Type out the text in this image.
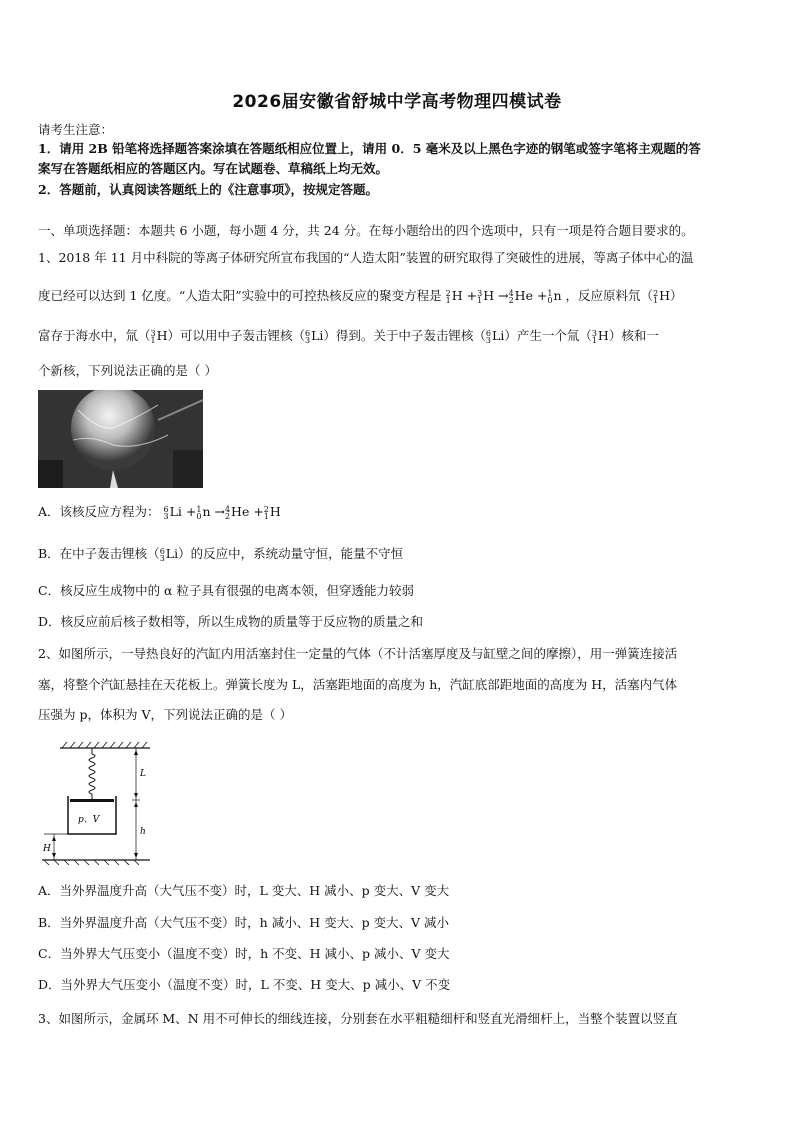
2026届安徽省舒城中学高考物理四模试卷
请考生注意：
1．请用 2B 铅笔将选择题答案涂填在答题纸相应位置上，请用 0．5 毫米及以上黑色字迹的钢笔或签字笔将主观题的答
案写在答题纸相应的答题区内。写在试题卷、草稿纸上均无效。
2．答题前，认真阅读答题纸上的《注意事项》，按规定答题。
一、单项选择题：本题共 6 小题，每小题 4 分，共 24 分。在每小题给出的四个选项中，只有一项是符合题目要求的。
1、2018 年 11 月中科院的等离子体研究所宣布我国的“人造太阳”装置的研究取得了突破性的进展，等离子体中心的温
度已经可以达到 1 亿度。“人造太阳”实验中的可控热核反应的聚变方程是 2
1 H + 3
1 H → 4
2 He + 1
0 n ，反应原料氘（ 2
1 H）
富存于海水中，氚（ 3
1 H）可以用中子轰击锂核（ 6
3 Li）得到。关于中子轰击锂核（ 6
3 Li）产生一个氚（ 3
1 H）核和一
个新核，下列说法正确的是（ ）
A．该核反应方程为： 6
3 Li + 1
0 n → 4
2 He + 2
1 H
B．在中子轰击锂核（ 6
3 Li）的反应中，系统动量守恒，能量不守恒
C．核反应生成物中的 α 粒子具有很强的电离本领，但穿透能力较弱
D．核反应前后核子数相等，所以生成物的质量等于反应物的质量之和
2、如图所示，一导热良好的汽缸内用活塞封住一定量的气体（不计活塞厚度及与缸壁之间的摩擦），用一弹簧连接活
塞，将整个汽缸悬挂在天花板上。弹簧长度为 L，活塞距地面的高度为 h，汽缸底部距地面的高度为 H，活塞内气体
压强为 p，体积为 V，下列说法正确的是（ ）
p、V
L
h
H
A．当外界温度升高（大气压不变）时，L 变大、H 减小、p 变大、V 变大
B．当外界温度升高（大气压不变）时，h 减小、H 变大、p 变大、V 减小
C．当外界大气压变小（温度不变）时，h 不变、H 减小、p 减小、V 变大
D．当外界大气压变小（温度不变）时，L 不变、H 变大、p 减小、V 不变
3、如图所示，金属环 M、N 用不可伸长的细线连接，分别套在水平粗糙细杆和竖直光滑细杆上，当整个装置以竖直
